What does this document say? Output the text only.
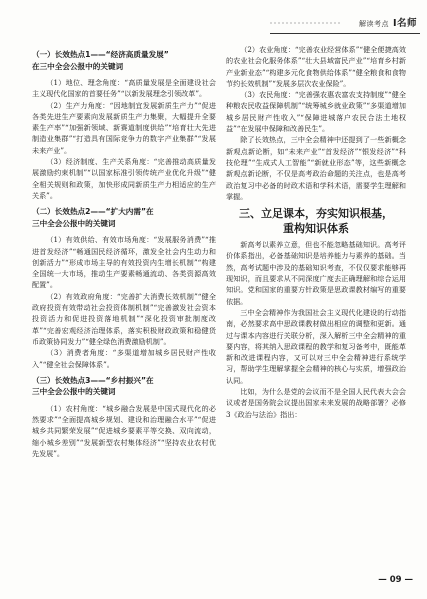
解读考点 I名师
（一）长效热点1——“经济高质量发展”
在三中全会公报中的关键词

（1）地位、理念角度：“高质量发展是全面建设社会主义现代化国家的首要任务”“以新发展理念引领改革”。

（2）生产力角度：“因地制宜发展新质生产力”“促进各类先进生产要素向发展新质生产力集聚，大幅提升全要素生产率”“加强新领域、新赛道制度供给”“培育壮大先进制造业集群”“打造具有国际竞争力的数字产业集群”“发展未来产业”。

（3）经济制度、生产关系角度：“完善推动高质量发展激励约束机制”“以国家标准引领传统产业优化升级”“健全相关规则和政策，加快形成同新质生产力相适应的生产关系”。

（二）长效热点2——“扩大内需”在
三中全会公报中的关键词

（1）有效供给、有效市场角度：“发展服务消费”“推进首发经济”“畅通国民经济循环，激发全社会内生动力和创新活力”“形成市场主导的有效投资内生增长机制”“构建全国统一大市场，推动生产要素畅通流动、各类资源高效配置”。

（2）有效政府角度：“完善扩大消费长效机制”“健全政府投资有效带动社会投资体制机制”“完善激发社会资本投资活力和促进投资落地机制”“深化投资审批制度改革”“完善宏观经济治理体系，落实积极财政政策和稳健货币政策协同发力”“健全绿色消费激励机制”。

（3）消费者角度：“多渠道增加城乡居民财产性收入”“健全社会保障体系”。

（三）长效热点3——“乡村振兴”在
三中全会公报中的关键词

（1）农村角度：“城乡融合发展是中国式现代化的必然要求”“全面提高城乡规划、建设和治理融合水平”“促进城乡共同繁荣发展”“促进城乡要素平等交换、双向流动，缩小城乡差别”“发展新型农村集体经济”“坚持农业农村优先发展”。

（2）农业角度：“完善农业经营体系”“健全便捷高效的农业社会化服务体系”“壮大县域富民产业”“培育乡村新产业新业态”“构建多元化食物供给体系”“健全粮食和食物节约长效机制”“发展多层次农业保险”。

（3）农民角度：“完善强农惠农富农支持制度”“健全种粮农民收益保障机制”“统筹城乡就业政策”“多渠道增加城乡居民财产性收入”“保障进城落户农民合法土地权益”“在发展中保障和改善民生”。

除了长效热点，三中全会精神中还提到了一些新概念新观点新论断，如“未来产业”“首发经济”“银发经济”“科技伦理”“生成式人工智能”“新就业形态”等，这些新概念新观点新论断，不仅是高考政治命题的关注点，也是高考政治复习中必备的时政术语和学科术语，需要学生理解和掌握。

三、立足课本，夯实知识根基，
重构知识体系

新高考以素养立意，但也不能忽略基础知识。高考评价体系指出，必备基础知识是培养能力与素养的基础。当然，高考试题中涉及的基础知识考查，不仅仅要求能够再现知识，而且要求从不同深度广度去正确理解和综合运用知识。党和国家的重要方针政策是思政课教材编写的重要依据。

三中全会精神作为我国社会主义现代化建设的行动指南，必然要求高中思政课教材做出相应的调整和更新。通过与课本内容进行关联分析，深入解析三中全会精神的重要内容，将其纳入思政课程的教学和复习备考中，既能革新和改进课程内容，又可以对三中全会精神进行系统学习，帮助学生理解掌握全会精神的核心与实质，增强政治认同。

比如，为什么是党的会议而不是全国人民代表大会会议或者是国务院会议提出国家未来发展的战略部署？必修3《政治与法治》指出：

— 09 —
